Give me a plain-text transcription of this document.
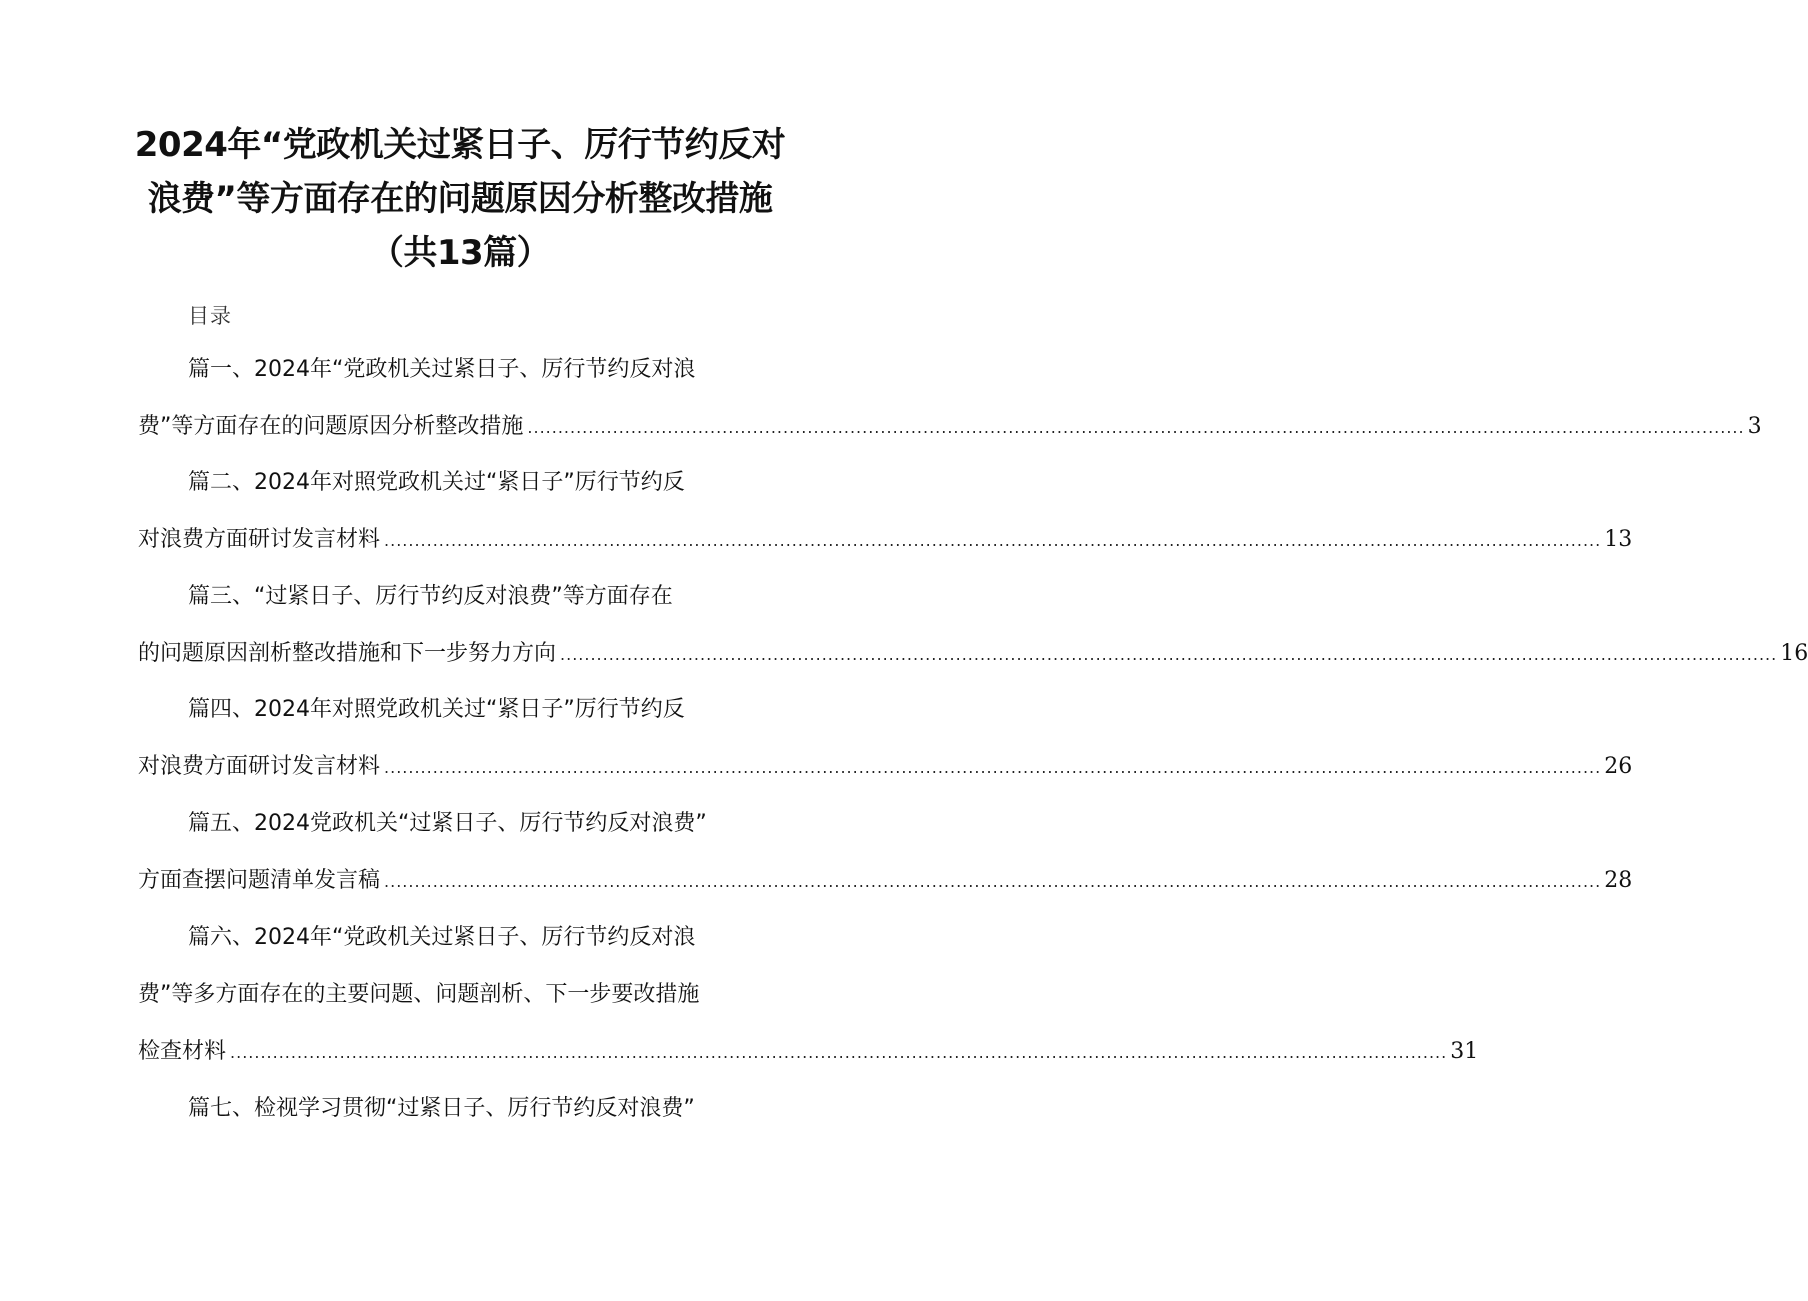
2024年“党政机关过紧日子、厉行节约反对
浪费”等方面存在的问题原因分析整改措施
（共13篇）
目录
篇一、2024年“党政机关过紧日子、厉行节约反对浪
费”等方面存在的问题原因分析整改措施 ........................................................................................................................................................................................................ 3
篇二、2024年对照党政机关过“紧日子”厉行节约反
对浪费方面研讨发言材料 ........................................................................................................................................................................................................ 13
篇三、“过紧日子、厉行节约反对浪费”等方面存在
的问题原因剖析整改措施和下一步努力方向 ........................................................................................................................................................................................................ 16
篇四、2024年对照党政机关过“紧日子”厉行节约反
对浪费方面研讨发言材料 ........................................................................................................................................................................................................ 26
篇五、2024党政机关“过紧日子、厉行节约反对浪费”
方面查摆问题清单发言稿 ........................................................................................................................................................................................................ 28
篇六、2024年“党政机关过紧日子、厉行节约反对浪
费”等多方面存在的主要问题、问题剖析、下一步要改措施
检查材料 ........................................................................................................................................................................................................ 31
篇七、检视学习贯彻“过紧日子、厉行节约反对浪费”
